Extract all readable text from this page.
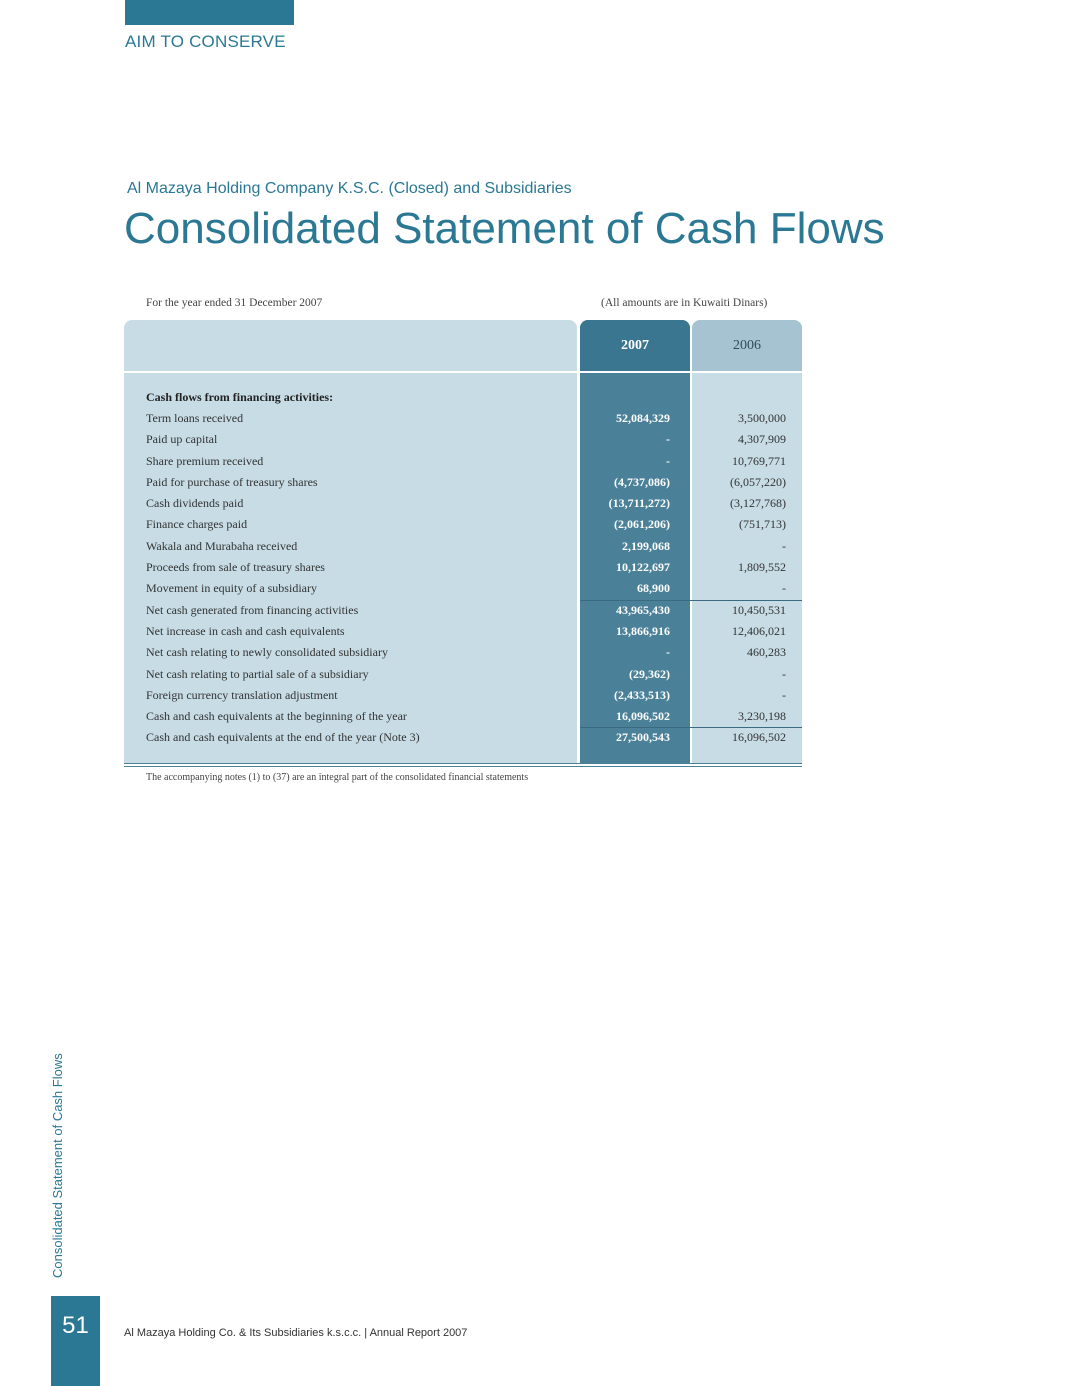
AIM TO CONSERVE
Al Mazaya Holding Company K.S.C. (Closed) and Subsidiaries
Consolidated Statement of Cash Flows
For the year ended 31 December 2007	(All amounts are in Kuwaiti Dinars)
2007	2006
Cash flows from financing activities:
Term loans received	52,084,329	3,500,000
Paid up capital	-	4,307,909
Share premium received	-	10,769,771
Paid for purchase of treasury shares	(4,737,086)	(6,057,220)
Cash dividends paid	(13,711,272)	(3,127,768)
Finance charges paid	(2,061,206)	(751,713)
Wakala and Murabaha received	2,199,068	-
Proceeds from sale of treasury shares	10,122,697	1,809,552
Movement in equity of a subsidiary	68,900	-
Net cash generated from financing activities	43,965,430	10,450,531
Net increase in cash and cash equivalents	13,866,916	12,406,021
Net cash relating to newly consolidated subsidiary	-	460,283
Net cash relating to partial sale of a subsidiary	(29,362)	-
Foreign currency translation adjustment	(2,433,513)	-
Cash and cash equivalents at the beginning of the year	16,096,502	3,230,198
Cash and cash equivalents at the end of the year (Note 3)	27,500,543	16,096,502
The accompanying notes (1) to (37) are an integral part of the consolidated financial statements
Consolidated Statement of Cash Flows
51	Al Mazaya Holding Co. & Its Subsidiaries k.s.c.c. | Annual Report 2007
